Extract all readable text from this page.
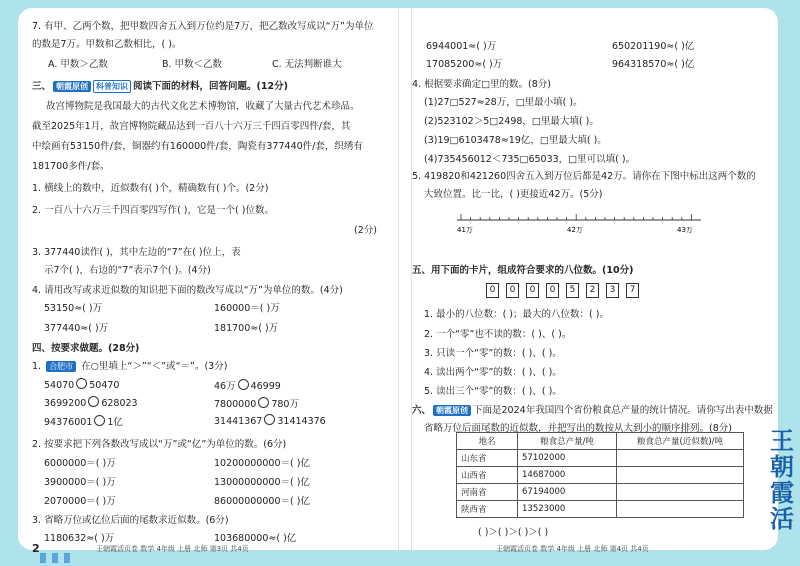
7. 有甲、乙两个数，把甲数四舍五入到万位约是7万，把乙数改写成以“万”为单位
的数是7万。甲数和乙数相比，( )。
A. 甲数＞乙数	B. 甲数＜乙数	C. 无法判断谁大
三、 朝霞原创 科普知识 阅读下面的材料，回答问题。(12分)
故宫博物院是我国最大的古代文化艺术博物馆，收藏了大量古代艺术珍品。
截至2025年1月，故宫博物院藏品达到一百八十六万三千四百零四件/套，其
中绘画有53150件/套，铜器约有160000件/套，陶瓷有377440件/套，织绣有
181700多件/套。
1. 横线上的数中，近似数有( )个，精确数有( )个。(2分)
2. 一百八十六万三千四百零四写作( )，它是一个( )位数。
(2分)
3. 377440读作( )，其中左边的“7”在( )位上，表
示7个( )，右边的“7”表示7个( )。(4分)
4. 请用改写或求近似数的知识把下面的数改写成以“万”为单位的数。(4分)
53150≈( )万	160000＝( )万
377440≈( )万	181700≈( )万
四、按要求做题。(28分)
1. 合肥市 在○里填上“＞”“＜”或“＝”。(3分)
54070 50470	46万 46999
3699200 628023	7800000 780万
94376001 1亿	31441367 31414376
2. 按要求把下列各数改写成以“万”或“亿”为单位的数。(6分)
6000000＝( )万	10200000000＝( )亿
3900000＝( )万	13000000000＝( )亿
2070000＝( )万	86000000000＝( )亿
3. 省略万位或亿位后面的尾数求近似数。(6分)
1180632≈( )万	103680000≈( )亿
2	王朝霞活页卷 数学 4年级 上册 北师 第3页 共4页
6944001≈( )万	650201190≈( )亿
17085200≈( )万	964318570≈( )亿
4. 根据要求确定□里的数。(8分)
(1)27□527≈28万，□里最小填( )。
(2)523102＞5□2498，□里最大填( )。
(3)19□6103478≈19亿，□里最大填( )。
(4)735456012＜735□65033，□里可以填( )。
5. 419820和421260四舍五入到万位后都是42万。请你在下图中标出这两个数的
大致位置。比一比，( )更接近42万。(5分)
五、用下面的卡片，组成符合要求的八位数。(10分)
1. 最小的八位数：( )；最大的八位数：( )。
2. 一个“零”也不读的数：( )、( )。
3. 只读一个“零”的数：( )、( )。
4. 读出两个“零”的数：( )、( )。
5. 读出三个“零”的数：( )、( )。
六、 朝霞原创 下面是2024年我国四个省份粮食总产量的统计情况。请你写出表中数据
省略万位后面尾数的近似数，并把写出的数按从大到小的顺序排列。(8分)
( )＞( )＞( )＞( )
0	0	0	0	5	2	3	7
41万	42万	43万
地名	粮食总产量/吨	粮食总产量(近似数)/吨
山东省	57102000	
山西省	14687000	
河南省	67194000	
陕西省	13523000	
王朝霞活页卷 数学 4年级 上册 北师 第4页 共4页
王
朝
霞
活
